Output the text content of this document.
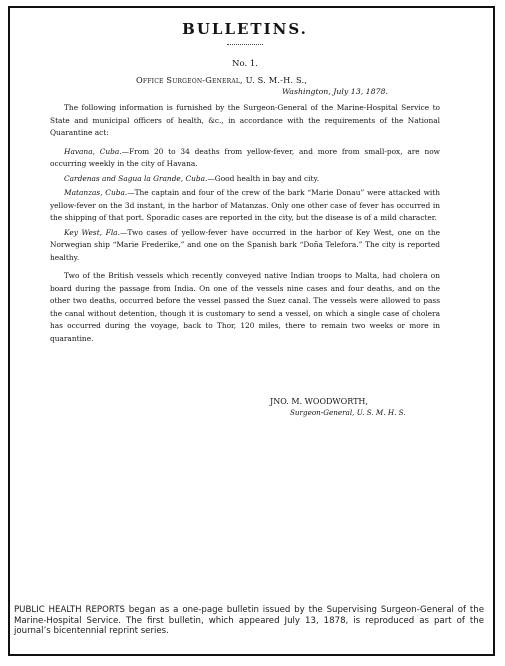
BULLETINS.
No. 1.
Office Surgeon-General, U. S. M.-H. S.,
Washington, July 13, 1878.

The following information is furnished by the Surgeon-General of the Marine-Hospital Service to State and municipal officers of health, &c., in accordance with the requirements of the National Quarantine act:

Havana, Cuba.—From 20 to 34 deaths from yellow-fever, and more from small-pox, are now occurring weekly in the city of Havana.

Cardenas and Sagua la Grande, Cuba.—Good health in bay and city.

Matanzas, Cuba.—The captain and four of the crew of the bark “Marie Donau” were attacked with yellow-fever on the 3d instant, in the harbor of Matanzas. Only one other case of fever has occurred in the shipping of that port. Sporadic cases are reported in the city, but the disease is of a mild character.

Key West, Fla.—Two cases of yellow-fever have occurred in the harbor of Key West, one on the Norwegian ship “Marie Frederike,” and one on the Spanish bark “Doña Telefora.” The city is reported healthy.

Two of the British vessels which recently conveyed native Indian troops to Malta, had cholera on board during the passage from India. On one of the vessels nine cases and four deaths, and on the other two deaths, occurred before the vessel passed the Suez canal. The vessels were allowed to pass the canal without detention, though it is customary to send a vessel, on which a single case of cholera has occurred during the voyage, back to Thor, 120 miles, there to remain two weeks or more in quarantine.

JNO. M. WOODWORTH,
Surgeon-General, U. S. M. H. S.
PUBLIC HEALTH REPORTS began as a one-page bulletin issued by the Supervising Surgeon-General of the Marine-Hospital Service. The first bulletin, which appeared July 13, 1878, is reproduced as part of the journal’s bicentennial reprint series.
